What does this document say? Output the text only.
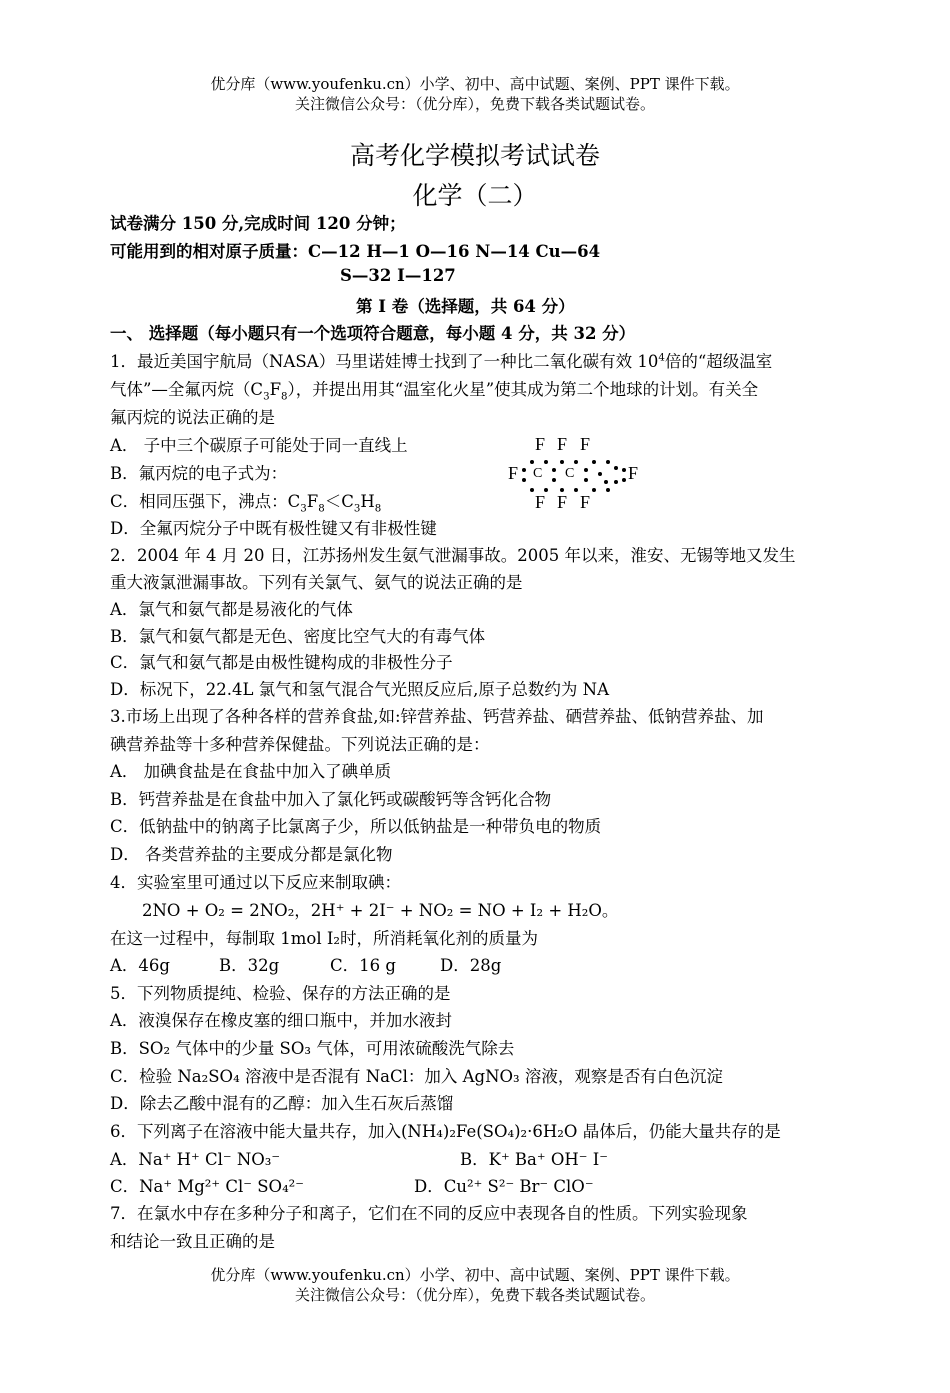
优分库（www.youfenku.cn）小学、初中、高中试题、案例、PPT 课件下载。
关注微信公众号：（优分库），免费下载各类试题试卷。
高考化学模拟考试试卷
化学（二）
试卷满分 150 分,完成时间 120 分钟；
可能用到的相对原子质量：C—12 H—1 O—16 N—14 Cu—64
S—32 I—127
第 I 卷（选择题，共 64 分）
一、 选择题（每小题只有一个选项符合题意，每小题 4 分，共 32 分）
1．最近美国宇航局（NASA）马里诺娃博士找到了一种比二氧化碳有效 $10^4$倍的“超级温室
气体”—全氟丙烷$(C_3F_8)$，并提出用其“温室化火星”使其成为第二个地球的计划。有关全
氟丙烷的说法正确的是
A． 子中三个碳原子可能处于同一直线上
B．氟丙烷的电子式为：
C．相同压强下，沸点：$C_3F_8<C_3H_8$
D．全氟丙烷分子中既有极性键又有非极性键
F F F
F C C	F
F F F
2．2004 年 4 月 20 日，江苏扬州发生氨气泄漏事故。2005 年以来，淮安、无锡等地又发生
重大液氯泄漏事故。下列有关氯气、氨气的说法正确的是
A．氯气和氨气都是易液化的气体
B．氯气和氨气都是无色、密度比空气大的有毒气体
C．氯气和氨气都是由极性键构成的非极性分子
D．标况下，22.4L 氯气和氢气混合气光照反应后,原子总数约为 NA
3.市场上出现了各种各样的营养食盐,如:锌营养盐、钙营养盐、硒营养盐、低钠营养盐、加
碘营养盐等十多种营养保健盐。下列说法正确的是：
A． 加碘食盐是在食盐中加入了碘单质
B．钙营养盐是在食盐中加入了氯化钙或碳酸钙等含钙化合物
C．低钠盐中的钠离子比氯离子少，所以低钠盐是一种带负电的物质
D． 各类营养盐的主要成分都是氯化物
4．实验室里可通过以下反应来制取碘：
2NO + O₂ = 2NO₂，2H⁺ + 2I⁻ + NO₂ = NO + I₂ + H₂O。
在这一过程中，每制取 1mol I₂时，所消耗氧化剂的质量为
A．46g	B．32g	C．16 g	D．28g
5．下列物质提纯、检验、保存的方法正确的是
A．液溴保存在橡皮塞的细口瓶中，并加水液封
B．SO₂ 气体中的少量 SO₃ 气体，可用浓硫酸洗气除去
C．检验 Na₂SO₄ 溶液中是否混有 NaCl：加入 AgNO₃ 溶液，观察是否有白色沉淀
D．除去乙酸中混有的乙醇：加入生石灰后蒸馏
6．下列离子在溶液中能大量共存，加入(NH₄)₂Fe(SO₄)₂·6H₂O 晶体后，仍能大量共存的是
A．Na⁺ H⁺ Cl⁻ NO₃⁻	B．K⁺ Ba⁺ OH⁻ I⁻
C．Na⁺ Mg²⁺ Cl⁻ SO₄²⁻	D．Cu²⁺ S²⁻ Br⁻ ClO⁻
7．在氯水中存在多种分子和离子，它们在不同的反应中表现各自的性质。下列实验现象
和结论一致且正确的是
优分库（www.youfenku.cn）小学、初中、高中试题、案例、PPT 课件下载。
关注微信公众号：（优分库），免费下载各类试题试卷。
